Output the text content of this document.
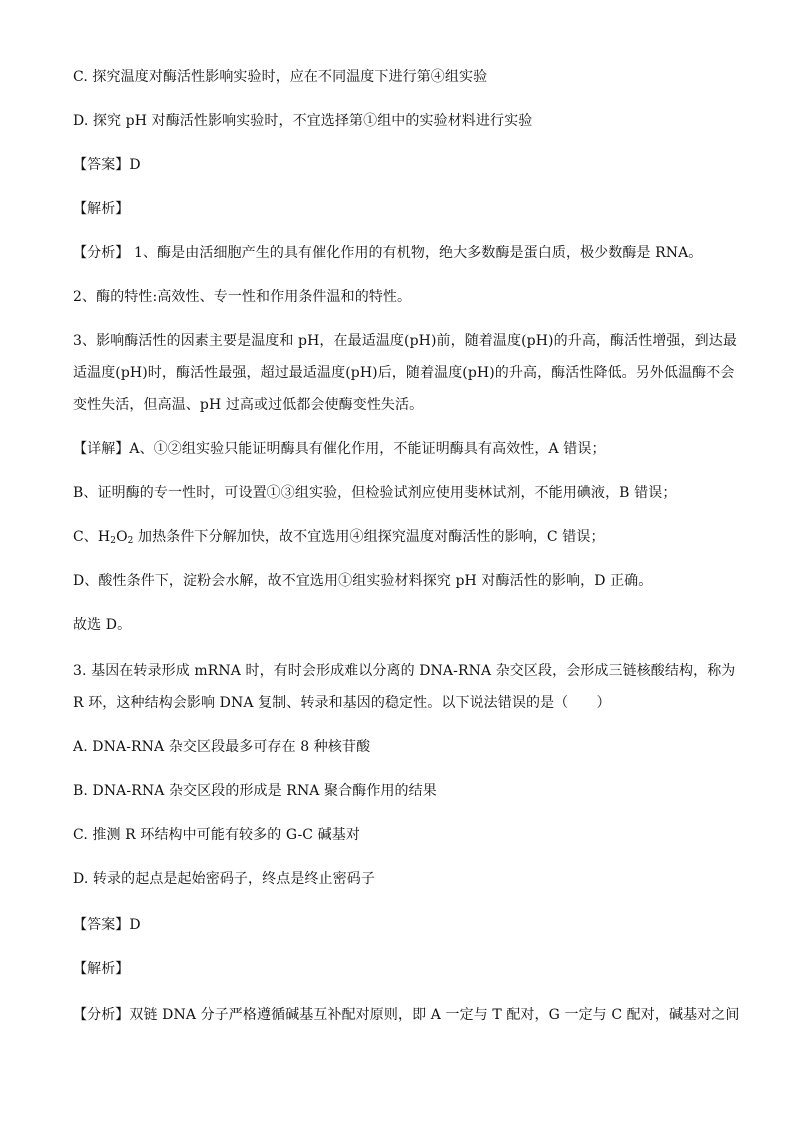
C. 探究温度对酶活性影响实验时，应在不同温度下进行第④组实验
D. 探究 pH 对酶活性影响实验时，不宜选择第①组中的实验材料进行实验
【答案】D
【解析】
【分析】 1、酶是由活细胞产生的具有催化作用的有机物，绝大多数酶是蛋白质，极少数酶是 RNA。
2、酶的特性:高效性、专一性和作用条件温和的特性。
3、影响酶活性的因素主要是温度和 pH，在最适温度(pH)前，随着温度(pH)的升高，酶活性增强，到达最
适温度(pH)时，酶活性最强，超过最适温度(pH)后，随着温度(pH)的升高，酶活性降低。另外低温酶不会
变性失活，但高温、pH 过高或过低都会使酶变性失活。
【详解】A、①②组实验只能证明酶具有催化作用，不能证明酶具有高效性，A 错误；
B、证明酶的专一性时，可设置①③组实验，但检验试剂应使用斐林试剂，不能用碘液，B 错误；
C、$H_2O_2$ 加热条件下分解加快，故不宜选用④组探究温度对酶活性的影响，C 错误；
D、酸性条件下，淀粉会水解，故不宜选用①组实验材料探究 pH 对酶活性的影响，D 正确。
故选 D。
3. 基因在转录形成 mRNA 时，有时会形成难以分离的 DNA-RNA 杂交区段，会形成三链核酸结构，称为
R 环，这种结构会影响 DNA 复制、转录和基因的稳定性。以下说法错误的是（　　）
A. DNA-RNA 杂交区段最多可存在 8 种核苷酸
B. DNA-RNA 杂交区段的形成是 RNA 聚合酶作用的结果
C. 推测 R 环结构中可能有较多的 G-C 碱基对
D. 转录的起点是起始密码子，终点是终止密码子
【答案】D
【解析】
【分析】双链 DNA 分子严格遵循碱基互补配对原则，即 A 一定与 T 配对，G 一定与 C 配对，碱基对之间
